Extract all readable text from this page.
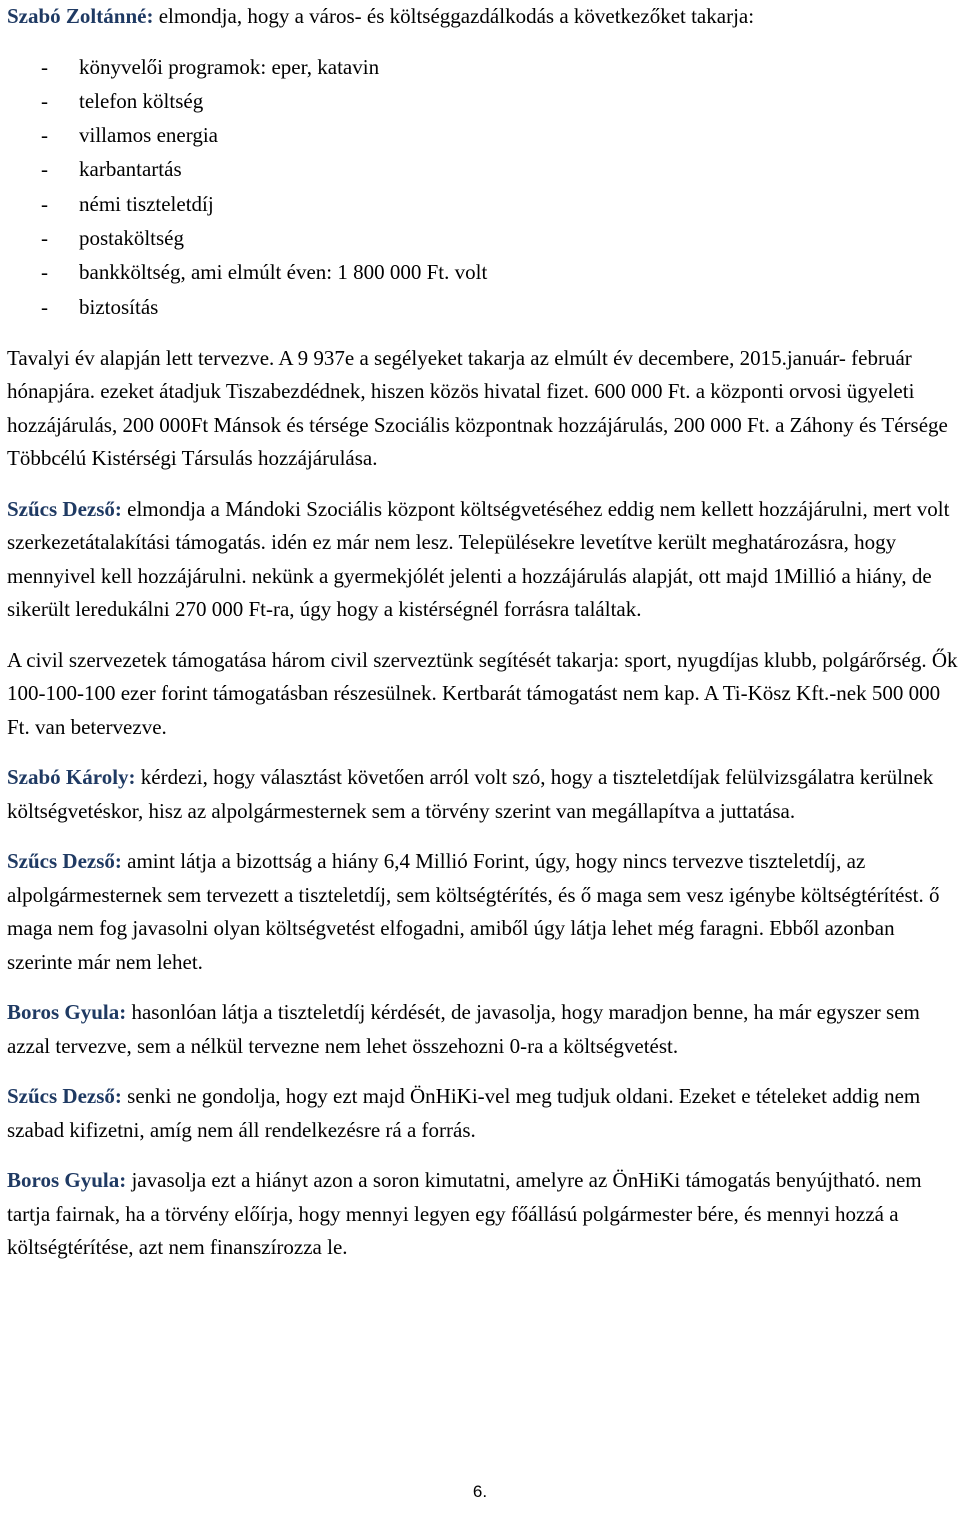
Szabó Zoltánné: elmondja, hogy a város- és költséggazdálkodás a következőket takarja:

- könyvelői programok: eper, katavin
- telefon költség
- villamos energia
- karbantartás
- némi tiszteletdíj
- postaköltség
- bankköltség, ami elmúlt éven: 1 800 000 Ft. volt
- biztosítás

Tavalyi év alapján lett tervezve. A 9 937e a segélyeket takarja az elmúlt év decembere, 2015.január- február hónapjára. ezeket átadjuk Tiszabezdédnek, hiszen közös hivatal fizet. 600 000 Ft. a központi orvosi ügyeleti hozzájárulás, 200 000Ft Mánsok és térsége Szociális központnak hozzájárulás, 200 000 Ft. a Záhony és Térsége Többcélú Kistérségi Társulás hozzájárulása.

Szűcs Dezső: elmondja a Mándoki Szociális központ költségvetéséhez eddig nem kellett hozzájárulni, mert volt szerkezetátalakítási támogatás. idén ez már nem lesz. Településekre levetítve került meghatározásra, hogy mennyivel kell hozzájárulni. nekünk a gyermekjólét jelenti a hozzájárulás alapját, ott majd 1Millió a hiány, de sikerült leredukálni 270 000 Ft-ra, úgy hogy a kistérségnél forrásra találtak.

A civil szervezetek támogatása három civil szerveztünk segítését takarja: sport, nyugdíjas klubb, polgárőrség. Ők 100-100-100 ezer forint támogatásban részesülnek. Kertbarát támogatást nem kap. A Ti-Kösz Kft.-nek 500 000 Ft. van betervezve.

Szabó Károly: kérdezi, hogy választást követően arról volt szó, hogy a tiszteletdíjak felülvizsgálatra kerülnek költségvetéskor, hisz az alpolgármesternek sem a törvény szerint van megállapítva a juttatása.

Szűcs Dezső: amint látja a bizottság a hiány 6,4 Millió Forint, úgy, hogy nincs tervezve tiszteletdíj, az alpolgármesternek sem tervezett a tiszteletdíj, sem költségtérítés, és ő maga sem vesz igénybe költségtérítést. ő maga nem fog javasolni olyan költségvetést elfogadni, amiből úgy látja lehet még faragni. Ebből azonban szerinte már nem lehet.

Boros Gyula: hasonlóan látja a tiszteletdíj kérdését, de javasolja, hogy maradjon benne, ha már egyszer sem azzal tervezve, sem a nélkül tervezne nem lehet összehozni 0-ra a költségvetést.

Szűcs Dezső: senki ne gondolja, hogy ezt majd ÖnHiKi-vel meg tudjuk oldani. Ezeket e tételeket addig nem szabad kifizetni, amíg nem áll rendelkezésre rá a forrás.

Boros Gyula: javasolja ezt a hiányt azon a soron kimutatni, amelyre az ÖnHiKi támogatás benyújtható. nem tartja fairnak, ha a törvény előírja, hogy mennyi legyen egy főállású polgármester bére, és mennyi hozzá a költségtérítése, azt nem finanszírozza le.

6.
